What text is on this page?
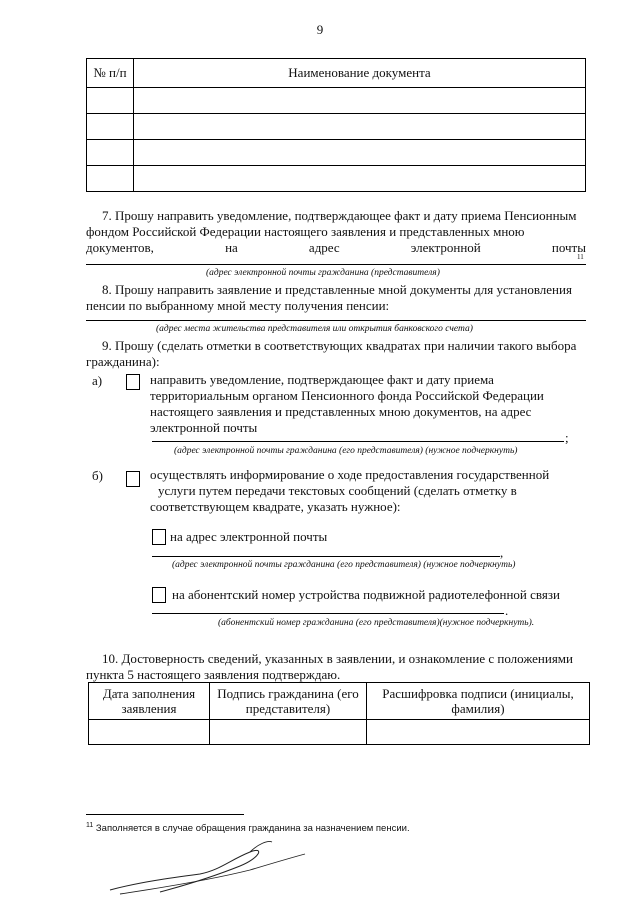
9
№ п/п	Наименование документа

7. Прошу направить уведомление, подтверждающее факт и дату приема Пенсионным
фондом Российской Федерации настоящего заявления и представленных мною
документов,	на	адрес	электронной	почты
11
(адрес электронной почты гражданина (представителя)
8. Прошу направить заявление и представленные мной документы для установления
пенсии по выбранному мной месту получения пенсии:
(адрес места жительства представителя или открытия банковского счета)
9. Прошу (сделать отметки в соответствующих квадратах при наличии такого выбора
гражданина):
а)	направить уведомление, подтверждающее факт и дату приема
территориальным органом Пенсионного фонда Российской Федерации
настоящего заявления и представленных мною документов, на адрес
электронной почты
;
(адрес электронной почты гражданина (его представителя) (нужное подчеркнуть)
б)	осуществлять информирование о ходе предоставления государственной
услуги путем передачи текстовых сообщений (сделать отметку в
соответствующем квадрате, указать нужное):
на адрес электронной почты
,
(адрес электронной почты гражданина (его представителя) (нужное подчеркнуть)
на абонентский номер устройства подвижной радиотелефонной связи
.
(абонентский номер гражданина (его представителя)(нужное подчеркнуть).
10. Достоверность сведений, указанных в заявлении, и ознакомление с положениями
пункта 5 настоящего заявления подтверждаю.
Дата заполнения заявления	Подпись гражданина (его представителя)	Расшифровка подписи (инициалы, фамилия)

$^{11}$ Заполняется в случае обращения гражданина за назначением пенсии.
